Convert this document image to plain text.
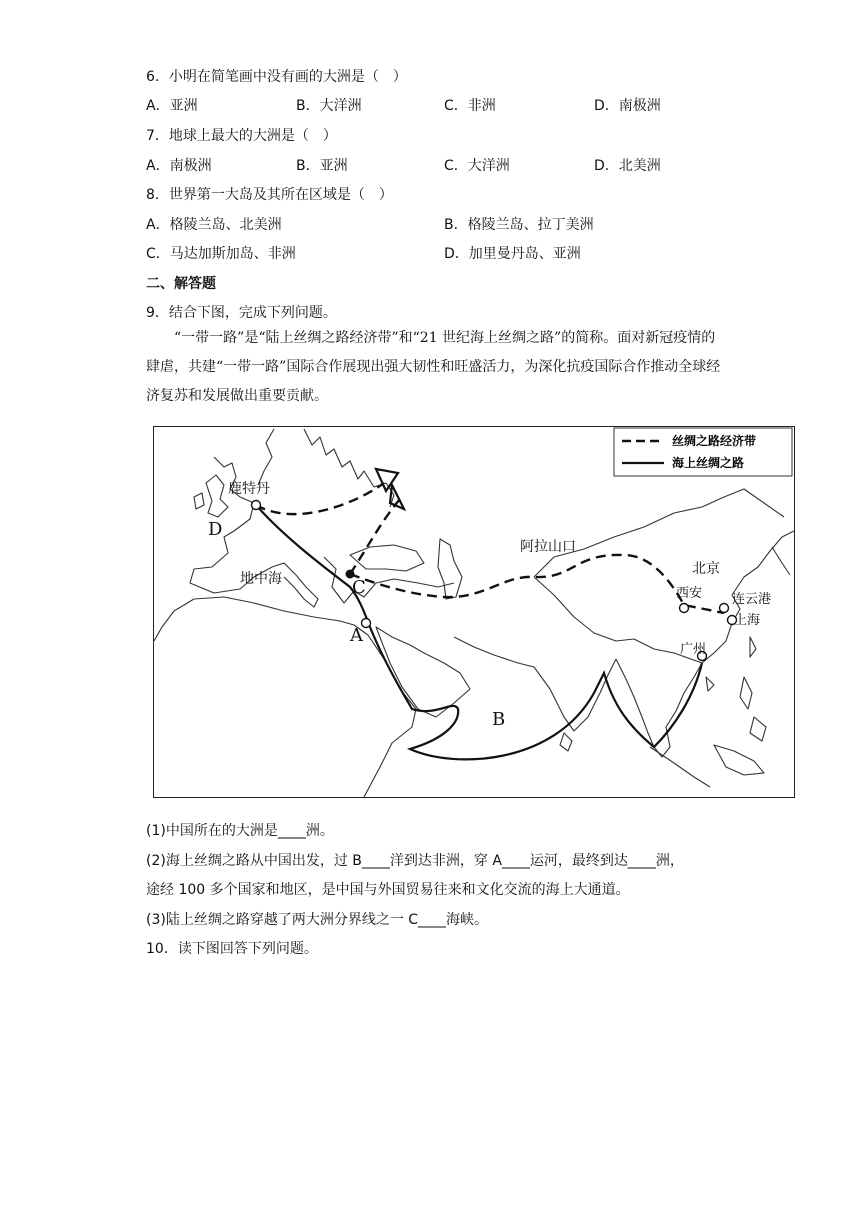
6．小明在简笔画中没有画的大洲是（　）
A．亚洲	B．大洋洲	C．非洲	D．南极洲
7．地球上最大的大洲是（　）
A．南极洲	B．亚洲	C．大洋洲	D．北美洲
8．世界第一大岛及其所在区域是（　）
A．格陵兰岛、北美洲	B．格陵兰岛、拉丁美洲
C．马达加斯加岛、非洲	D．加里曼丹岛、亚洲
二、解答题
9．结合下图，完成下列问题。
“一带一路”是“陆上丝绸之路经济带”和“21 世纪海上丝绸之路”的简称。面对新冠疫情的肆虐，共建“一带一路”国际合作展现出强大韧性和旺盛活力，为深化抗疫国际合作推动全球经济复苏和发展做出重要贡献。
丝绸之路经济带
海上丝绸之路
鹿特丹
D
地中海	C
A
B
阿拉山口
北京
西安 连云港
上海
广州
(1)中国所在的大洲是____洲。
(2)海上丝绸之路从中国出发，过 B____洋到达非洲，穿 A____运河，最终到达____洲，
途经 100 多个国家和地区，是中国与外国贸易往来和文化交流的海上大通道。
(3)陆上丝绸之路穿越了两大洲分界线之一 C____海峡。
10．读下图回答下列问题。
